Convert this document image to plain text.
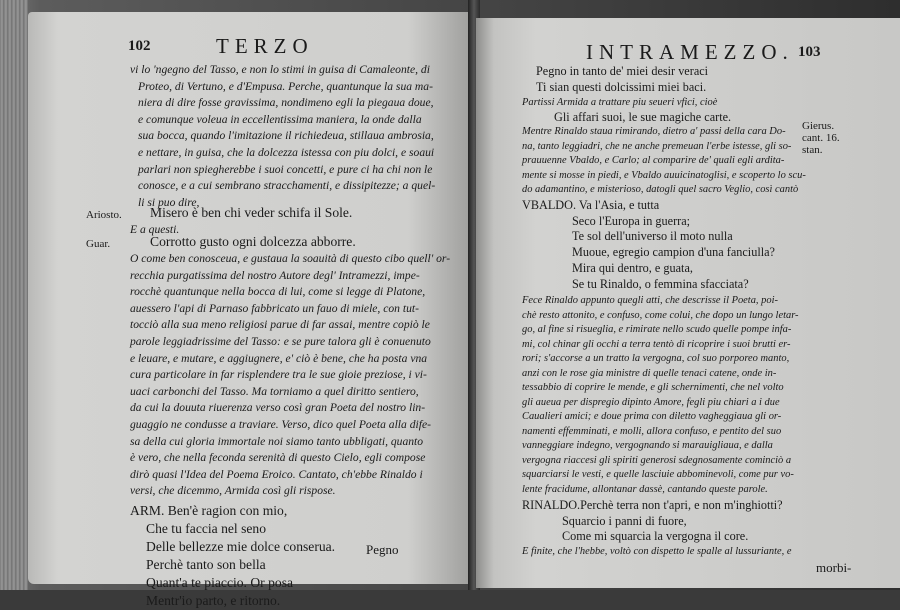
102	TERZO
vi lo 'ngegno del Tasso, e non lo stimi in guisa di Camaleonte, di
Proteo, di Vertuno, e d'Empusa. Perche, quantunque la sua ma-
niera di dire fosse gravissima, nondimeno egli la piegaua doue,
e comunque voleua in eccellentissima maniera, la onde dalla
sua bocca, quando l'imitazione il richiedeua, stillaua ambrosia,
e nettare, in guisa, che la dolcezza istessa con piu dolci, e soaui
parlari non spiegherebbe i suoi concetti, e pure ci ha chi non le
conosce, e a cui sembrano stracchamenti, e dissipitezze; a quel-
li si puo dire,
Ariosto. Misero è ben chi veder schifa il Sole.
E a questi.
Guar.	Corrotto gusto ogni dolcezza abborre.
O come ben conosceua, e gustaua la soauità di questo cibo quell' or-
recchia purgatissima del nostro Autore degl' Intramezzi, impe-
rocchè quantunque nella bocca di lui, come si legge di Platone,
auessero l'api di Parnaso fabbricato un fauo di miele, con tut-
tocciò alla sua meno religiosi parue di far assai, mentre copiò le
parole leggiadrissime del Tasso: e se pure talora gli è conuenuto
e leuare, e mutare, e aggiugnere, e' ciò è bene, che ha posta vna
cura particolare in far risplendere tra le sue gioie preziose, i vi-
uaci carbonchi del Tasso. Ma torniamo a quel diritto sentiero,
da cui la douuta riuerenza verso così gran Poeta del nostro lin-
guaggio ne condusse a traviare. Verso, dico quel Poeta alla dife-
sa della cui gloria immortale noi siamo tanto ubbligati, quanto
è vero, che nella feconda serenità di questo Cielo, egli compose
dirò quasi l'Idea del Poema Eroico. Cantato, ch'ebbe Rinaldo i
versi, che dicemmo, Armida così gli rispose.
ARM. Ben'è ragion con mio,
Che tu faccia nel seno
Delle bellezze mie dolce conserua.
Perchè tanto son bella
Quant'a te piaccio. Or posa
Mentr'io parto, e ritorno.
Pegno
INTRAMEZZO. 103
Pegno in tanto de' miei desir veraci
Ti sian questi dolcissimi miei baci.
Partissi Armida a trattare piu seueri vfici, cioè
Gli affari suoi, le sue magiche carte.
Gierus.
cant. 16.
stan.
Mentre Rinaldo staua rimirando, dietro a' passi della cara Do-
na, tanto leggiadri, che ne anche premeuan l'erbe istesse, gli so-
prauuenne Vbaldo, e Carlo; al comparire de' quali egli arditа-
mente si mosse in piedi, e Vbaldo auuicinatoglisi, e scoperto lo scu-
do adamantino, e misterioso, datogli quel sacro Veglio, così cantò
VBALDO. Va l'Asia, e tutta
Seco l'Europa in guerra;
Te sol dell'universo il moto nulla
Muoue, egregio campion d'una fanciulla?
Mira qui dentro, e guata,
Se tu Rinaldo, o femmina sfacciata?
Fece Rinaldo appunto quegli atti, che descrisse il Poeta, poi-
chè resto attonito, e confuso, come colui, che dopo un lungo letar-
go, al fine si risueglia, e rimirate nello scudo quelle pompe infa-
mi, col chinar gli occhi a terra tentò di ricoprire i suoi brutti er-
rori; s'accorse a un tratto la vergogna, col suo porporeo manto,
anzi con le rose gia ministre di quelle tenaci catene, onde in-
tessabbio di coprire le mende, e gli schernimenti, che nel volto
gli aueua per dispregio dipinto Amore, fegli piu chiari a i due
Caualieri amici; e doue prima con diletto vagheggiaua gli or-
namenti effemminati, e molli, allora confuso, e pentito del suo
vanneggiare indegno, vergognando si marauigliaua, e dalla
vergogna riaccesi gli spiriti generosi sdegnosamente cominciò a
squarciarsi le vesti, e quelle lasciuie abbominevoli, come pur vo-
lente fracidume, allontanar dassè, cantando queste parole.
RINALDO.Perchè terra non t'apri, e non m'inghiotti?
Squarcio i panni di fuore,
Come mi squarcia la vergogna il core.
E finite, che l'hebbe, voltò con dispetto le spalle al lussuriante, e
morbi-
